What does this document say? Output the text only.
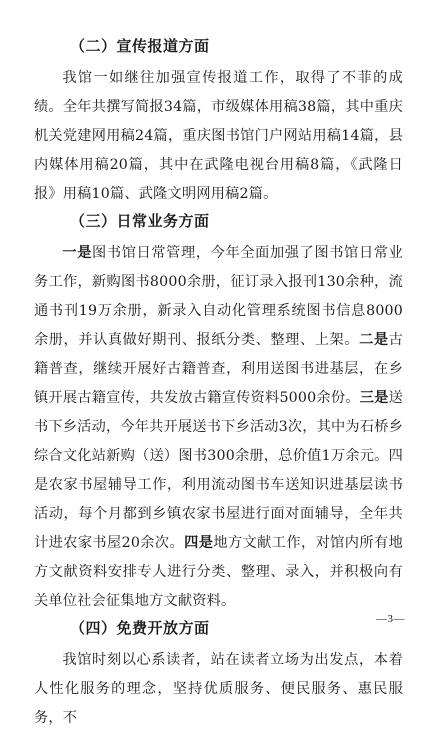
（二）宣传报道方面

我馆一如继往加强宣传报道工作，取得了不菲的成绩。全年共撰写简报34篇，市级媒体用稿38篇，其中重庆机关党建网用稿24篇，重庆图书馆门户网站用稿14篇，县内媒体用稿20篇，其中在武隆电视台用稿8篇，《武隆日报》用稿10篇、武隆文明网用稿2篇。

（三）日常业务方面

一是图书馆日常管理，今年全面加强了图书馆日常业务工作，新购图书8000余册，征订录入报刊130余种，流通书刊19万余册，新录入自动化管理系统图书信息8000余册，并认真做好期刊、报纸分类、整理、上架。二是古籍普查，继续开展好古籍普查，利用送图书进基层，在乡镇开展古籍宣传，共发放古籍宣传资料5000余份。三是送书下乡活动，今年共开展送书下乡活动3次，其中为石桥乡综合文化站新购（送）图书300余册，总价值1万余元。四是农家书屋辅导工作，利用流动图书车送知识进基层读书活动，每个月都到乡镇农家书屋进行面对面辅导，全年共计进农家书屋20余次。四是地方文献工作，对馆内所有地方文献资料安排专人进行分类、整理、录入，并积极向有关单位社会征集地方文献资料。

（四）免费开放方面

我馆时刻以心系读者，站在读者立场为出发点，本着人性化服务的理念，坚持优质服务、便民服务、惠民服务，不

—3—
